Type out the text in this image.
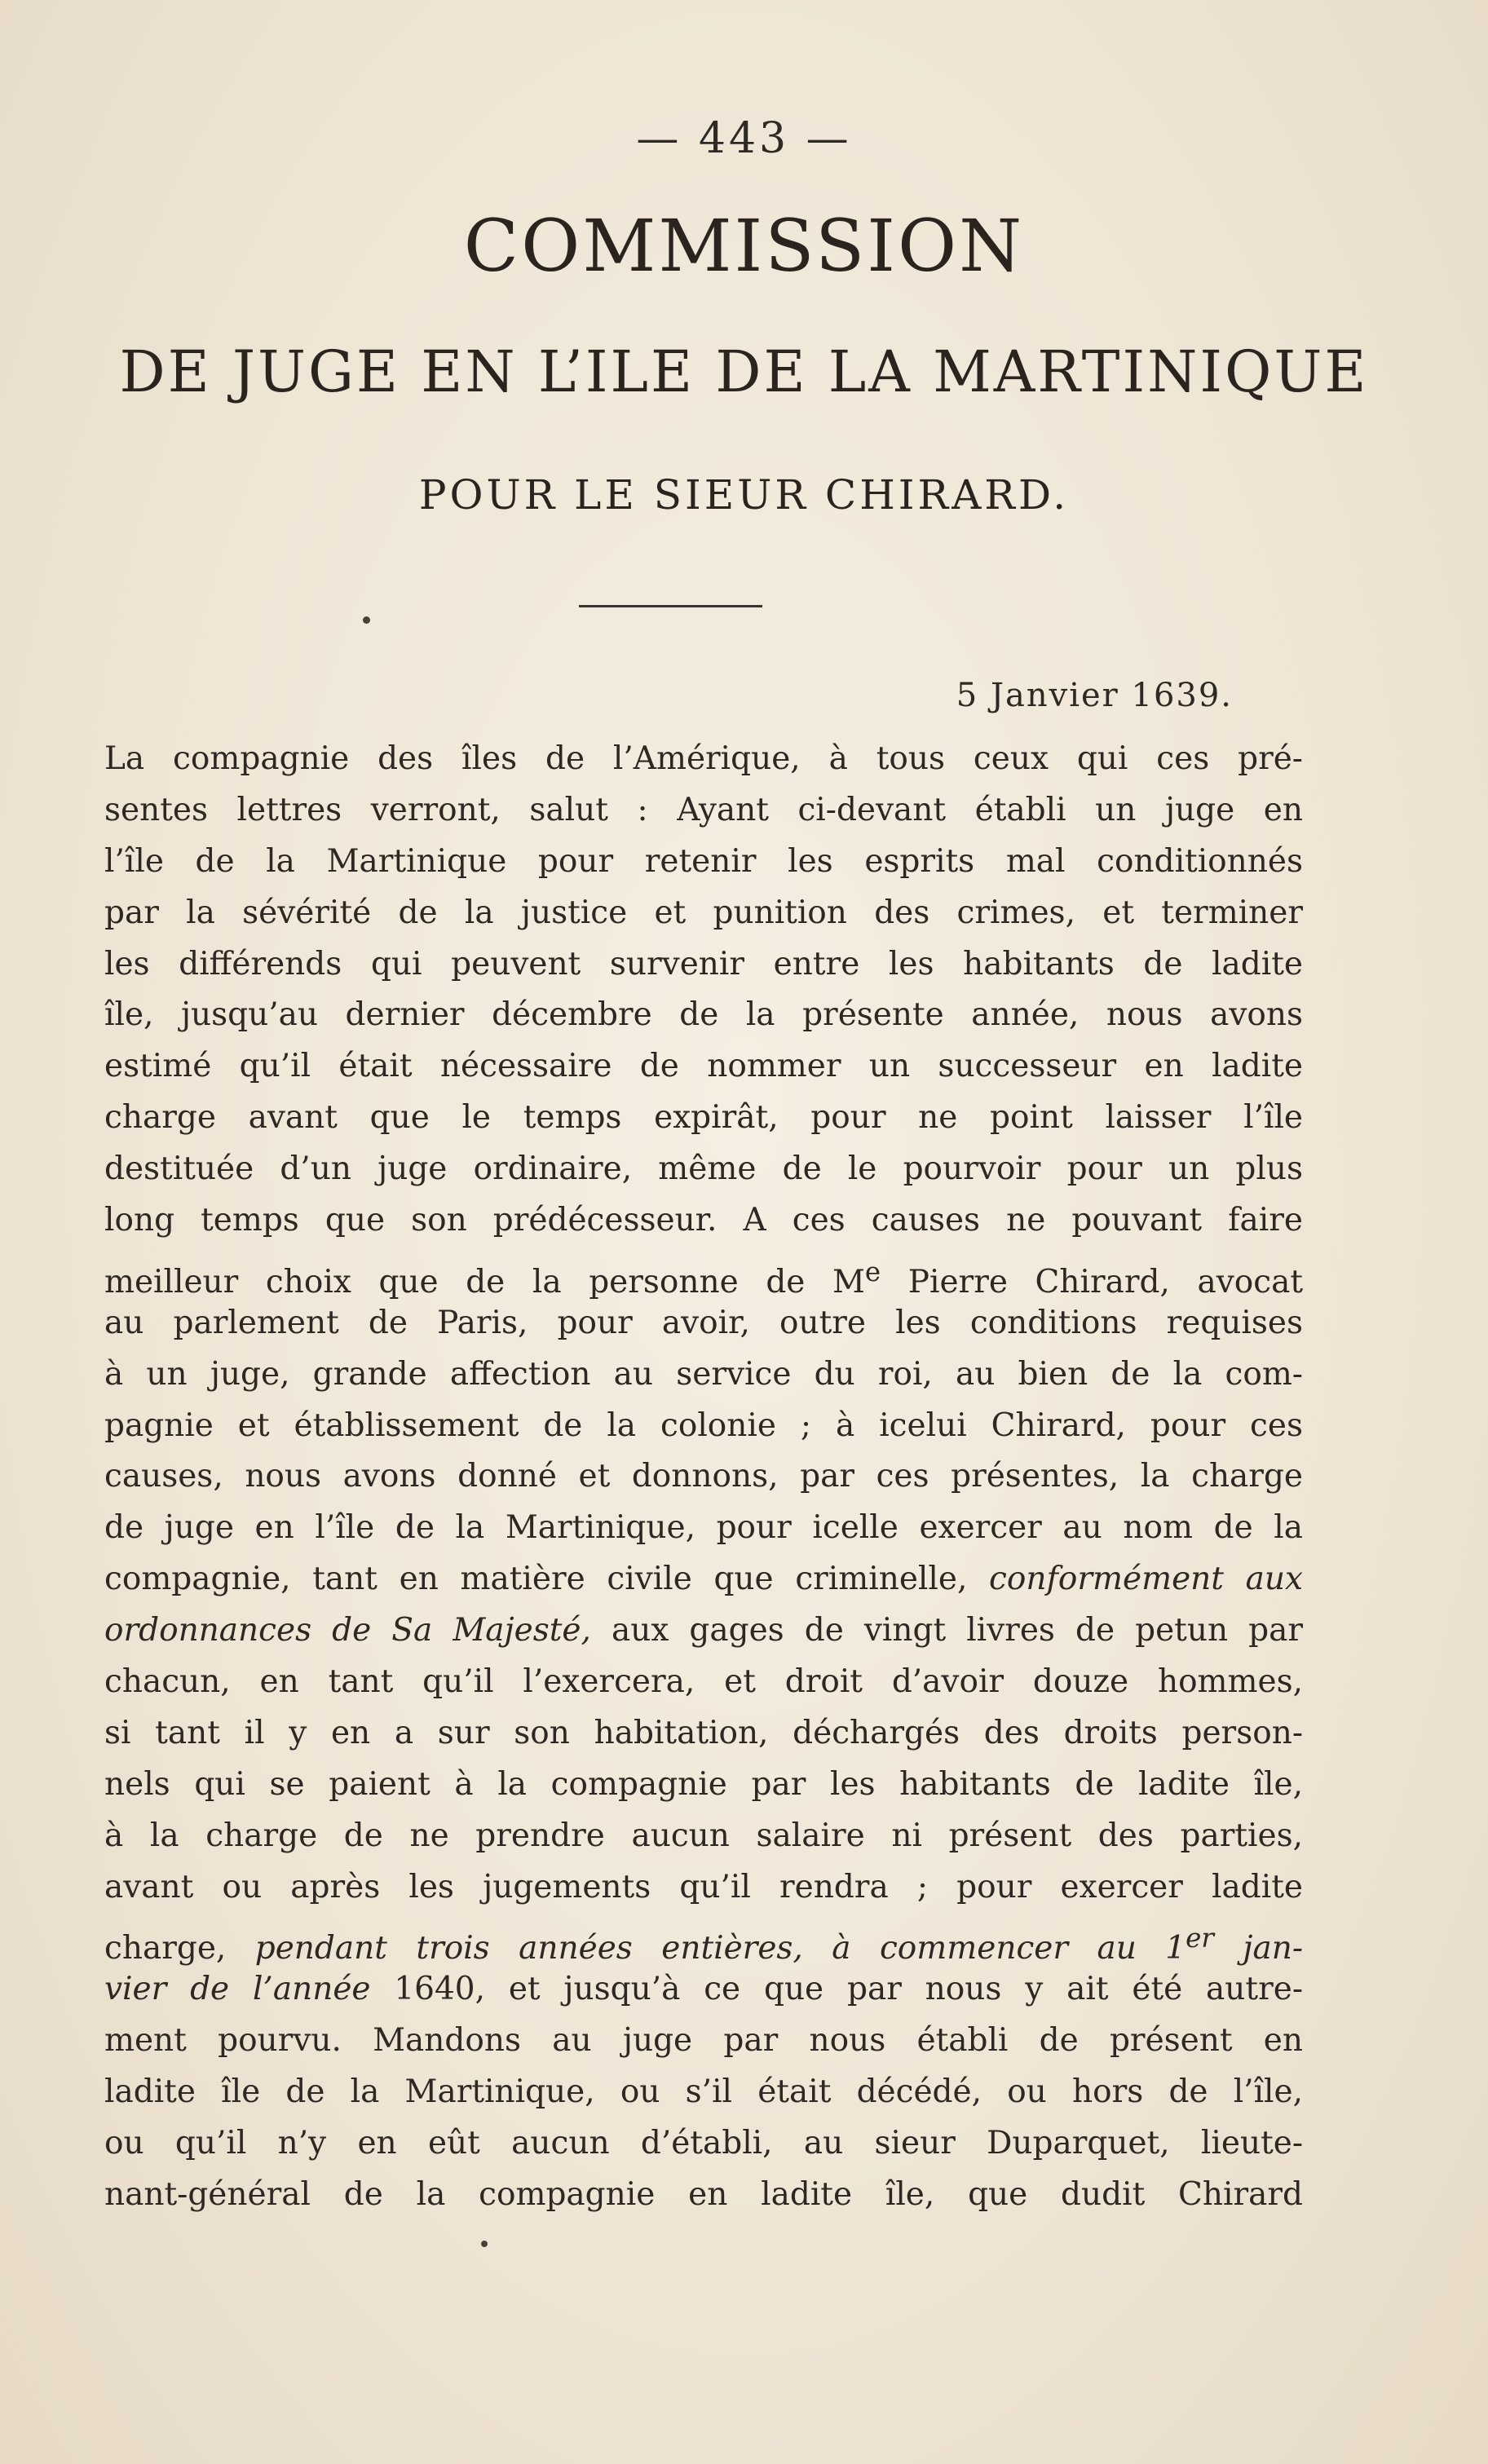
— 443 —
COMMISSION
DE JUGE EN L’ILE DE LA MARTINIQUE
POUR LE SIEUR CHIRARD.
5 Janvier 1639.
La compagnie des îles de l’Amérique, à tous ceux qui ces pré-
sentes lettres verront, salut : Ayant ci-devant établi un juge en
l’île de la Martinique pour retenir les esprits mal conditionnés
par la sévérité de la justice et punition des crimes, et terminer
les différends qui peuvent survenir entre les habitants de ladite
île, jusqu’au dernier décembre de la présente année, nous avons
estimé qu’il était nécessaire de nommer un successeur en ladite
charge avant que le temps expirât, pour ne point laisser l’île
destituée d’un juge ordinaire, même de le pourvoir pour un plus
long temps que son prédécesseur. A ces causes ne pouvant faire
meilleur choix que de la personne de Me Pierre Chirard, avocat
au parlement de Paris, pour avoir, outre les conditions requises
à un juge, grande affection au service du roi, au bien de la com-
pagnie et établissement de la colonie ; à icelui Chirard, pour ces
causes, nous avons donné et donnons, par ces présentes, la charge
de juge en l’île de la Martinique, pour icelle exercer au nom de la
compagnie, tant en matière civile que criminelle, conformément aux
ordonnances de Sa Majesté, aux gages de vingt livres de petun par
chacun, en tant qu’il l’exercera, et droit d’avoir douze hommes,
si tant il y en a sur son habitation, déchargés des droits person-
nels qui se paient à la compagnie par les habitants de ladite île,
à la charge de ne prendre aucun salaire ni présent des parties,
avant ou après les jugements qu’il rendra ; pour exercer ladite
charge, pendant trois années entières, à commencer au 1er jan-
vier de l’année 1640, et jusqu’à ce que par nous y ait été autre-
ment pourvu. Mandons au juge par nous établi de présent en
ladite île de la Martinique, ou s’il était décédé, ou hors de l’île,
ou qu’il n’y en eût aucun d’établi, au sieur Duparquet, lieute-
nant-général de la compagnie en ladite île, que dudit Chirard
